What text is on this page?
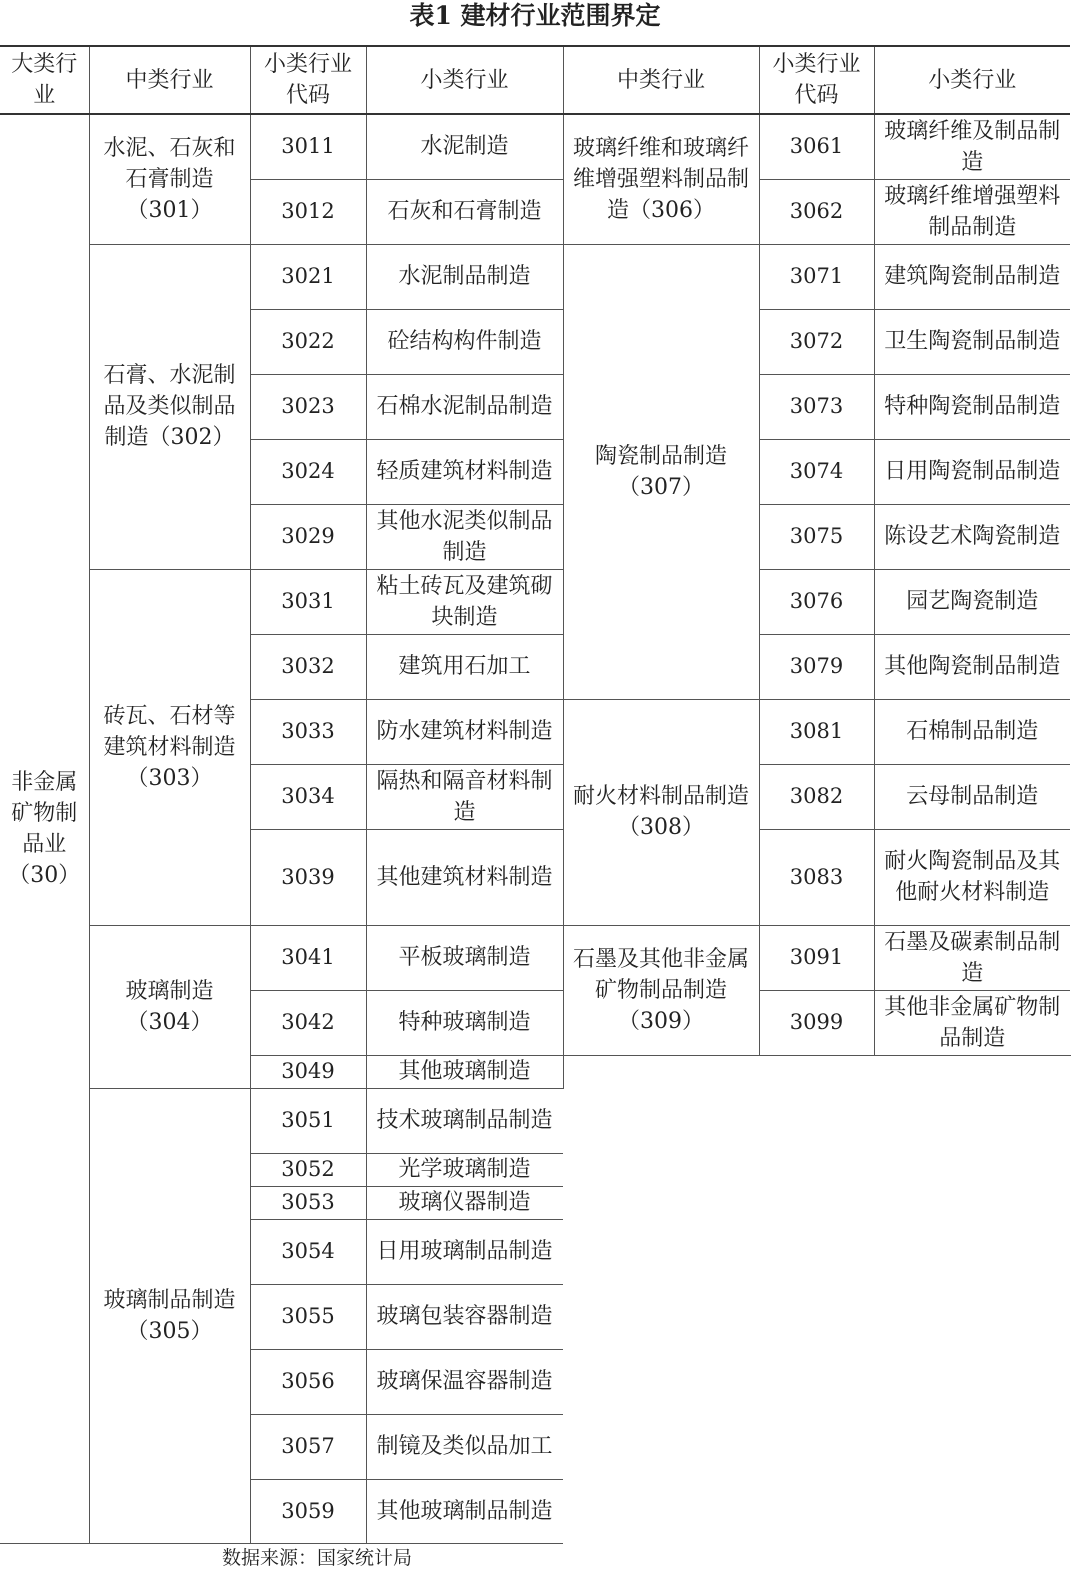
表1 建材行业范围界定
大类行业	中类行业	小类行业代码	小类行业	中类行业	小类行业代码	小类行业
非金属矿物制品业（30）	水泥、石灰和石膏制造（301）	3011	水泥制造	玻璃纤维和玻璃纤维增强塑料制品制造（306）	3061	玻璃纤维及制品制造
		3012	石灰和石膏制造		3062	玻璃纤维增强塑料制品制造
	石膏、水泥制品及类似制品制造（302）	3021	水泥制品制造	陶瓷制品制造（307）	3071	建筑陶瓷制品制造
		3022	砼结构构件制造		3072	卫生陶瓷制品制造
		3023	石棉水泥制品制造		3073	特种陶瓷制品制造
		3024	轻质建筑材料制造		3074	日用陶瓷制品制造
		3029	其他水泥类似制品制造		3075	陈设艺术陶瓷制造
	砖瓦、石材等建筑材料制造（303）	3031	粘土砖瓦及建筑砌块制造		3076	园艺陶瓷制造
		3032	建筑用石加工		3079	其他陶瓷制品制造
		3033	防水建筑材料制造	耐火材料制品制造（308）	3081	石棉制品制造
		3034	隔热和隔音材料制造		3082	云母制品制造
		3039	其他建筑材料制造		3083	耐火陶瓷制品及其他耐火材料制造
	玻璃制造（304）	3041	平板玻璃制造	石墨及其他非金属矿物制品制造（309）	3091	石墨及碳素制品制造
		3042	特种玻璃制造		3099	其他非金属矿物制品制造
		3049	其他玻璃制造			
	玻璃制品制造（305）	3051	技术玻璃制品制造			
		3052	光学玻璃制造			
		3053	玻璃仪器制造			
		3054	日用玻璃制品制造			
		3055	玻璃包装容器制造			
		3056	玻璃保温容器制造			
		3057	制镜及类似品加工			
		3059	其他玻璃制品制造			
数据来源：国家统计局
